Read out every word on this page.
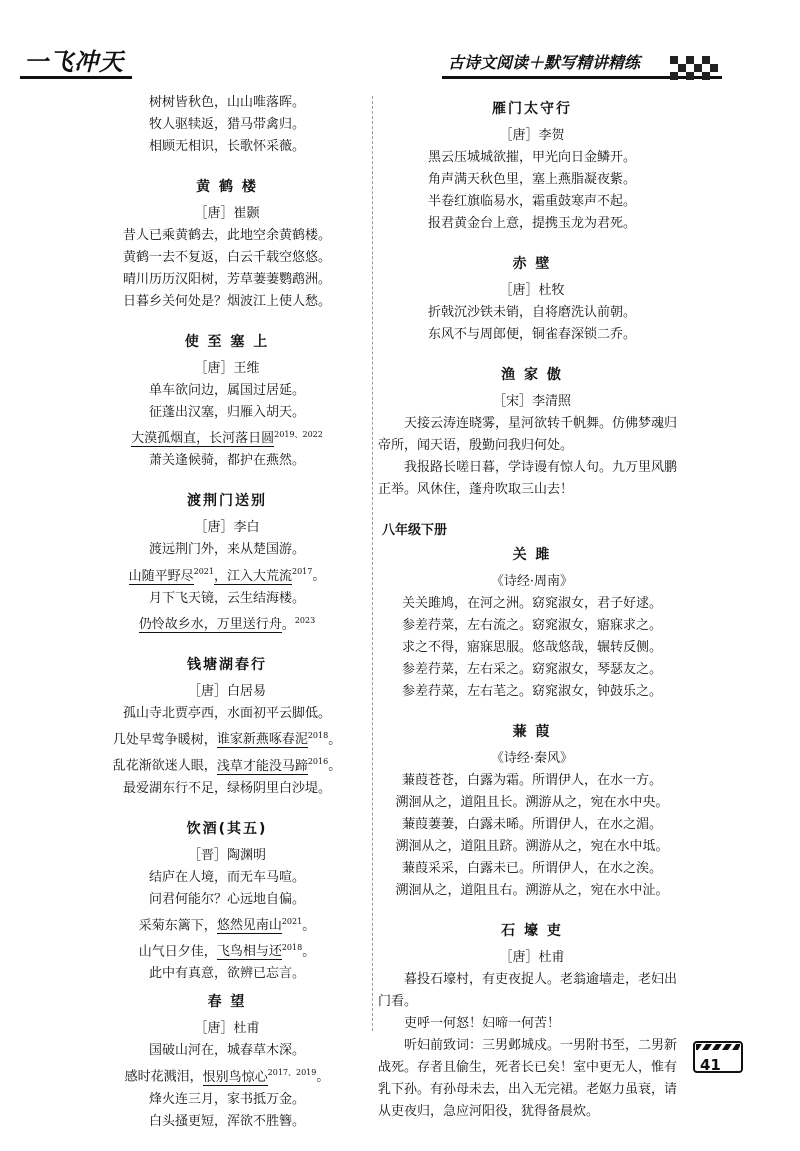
一飞冲天	古诗文阅读＋默写精讲精练
树树皆秋色，山山唯落晖。
牧人驱犊返，猎马带禽归。
相顾无相识，长歌怀采薇。
黄 鹤 楼
［唐］崔颢
昔人已乘黄鹤去，此地空余黄鹤楼。
黄鹤一去不复返，白云千载空悠悠。
晴川历历汉阳树，芳草萋萋鹦鹉洲。
日暮乡关何处是？烟波江上使人愁。
使 至 塞 上
［唐］王维
单车欲问边，属国过居延。
征蓬出汉塞，归雁入胡天。
大漠孤烟直，长河落日圆$^{2019、2022}$
萧关逢候骑，都护在燕然。
渡荆门送别
［唐］李白
渡远荆门外，来从楚国游。
山随平野尽$^{2021}$，江入大荒流$^{2017}$。
月下飞天镜，云生结海楼。
仍怜故乡水，万里送行舟。$^{2023}$
钱塘湖春行
［唐］白居易
孤山寺北贾亭西，水面初平云脚低。
几处早莺争暖树，谁家新燕啄春泥$^{2018}$。
乱花渐欲迷人眼，浅草才能没马蹄$^{2016}$。
最爱湖东行不足，绿杨阴里白沙堤。
饮酒(其五)
［晋］陶渊明
结庐在人境，而无车马喧。
问君何能尔？心远地自偏。
采菊东篱下，悠然见南山$^{2021}$。
山气日夕佳，飞鸟相与还$^{2018}$。
此中有真意，欲辨已忘言。
春 望
［唐］杜甫
国破山河在，城春草木深。
感时花溅泪，恨别鸟惊心$^{2017、2019}$。
烽火连三月，家书抵万金。
白头搔更短，浑欲不胜簪。
雁门太守行
［唐］李贺
黑云压城城欲摧，甲光向日金鳞开。
角声满天秋色里，塞上燕脂凝夜紫。
半卷红旗临易水，霜重鼓寒声不起。
报君黄金台上意，提携玉龙为君死。
赤 壁
［唐］杜牧
折戟沉沙铁未销，自将磨洗认前朝。
东风不与周郎便，铜雀春深锁二乔。
渔 家 傲
［宋］李清照

天接云涛连晓雾，星河欲转千帆舞。仿佛梦魂归帝所，闻天语，殷勤问我归何处。

我报路长嗟日暮，学诗谩有惊人句。九万里风鹏正举。风休住，蓬舟吹取三山去！

八年级下册
关 雎
《诗经·周南》
关关雎鸠，在河之洲。窈窕淑女，君子好逑。
参差荇菜，左右流之。窈窕淑女，寤寐求之。
求之不得，寤寐思服。悠哉悠哉，辗转反侧。
参差荇菜，左右采之。窈窕淑女，琴瑟友之。
参差荇菜，左右芼之。窈窕淑女，钟鼓乐之。
蒹 葭
《诗经·秦风》
蒹葭苍苍，白露为霜。所谓伊人，在水一方。
溯洄从之，道阻且长。溯游从之，宛在水中央。
蒹葭萋萋，白露未晞。所谓伊人，在水之湄。
溯洄从之，道阻且跻。溯游从之，宛在水中坻。
蒹葭采采，白露未已。所谓伊人，在水之涘。
溯洄从之，道阻且右。溯游从之，宛在水中沚。
石 壕 吏
［唐］杜甫

暮投石壕村，有吏夜捉人。老翁逾墙走，老妇出门看。

吏呼一何怒！妇啼一何苦！

听妇前致词：三男邺城戍。一男附书至，二男新战死。存者且偷生，死者长已矣！室中更无人，惟有乳下孙。有孙母未去，出入无完裙。老妪力虽衰，请从吏夜归，急应河阳役，犹得备晨炊。

41
